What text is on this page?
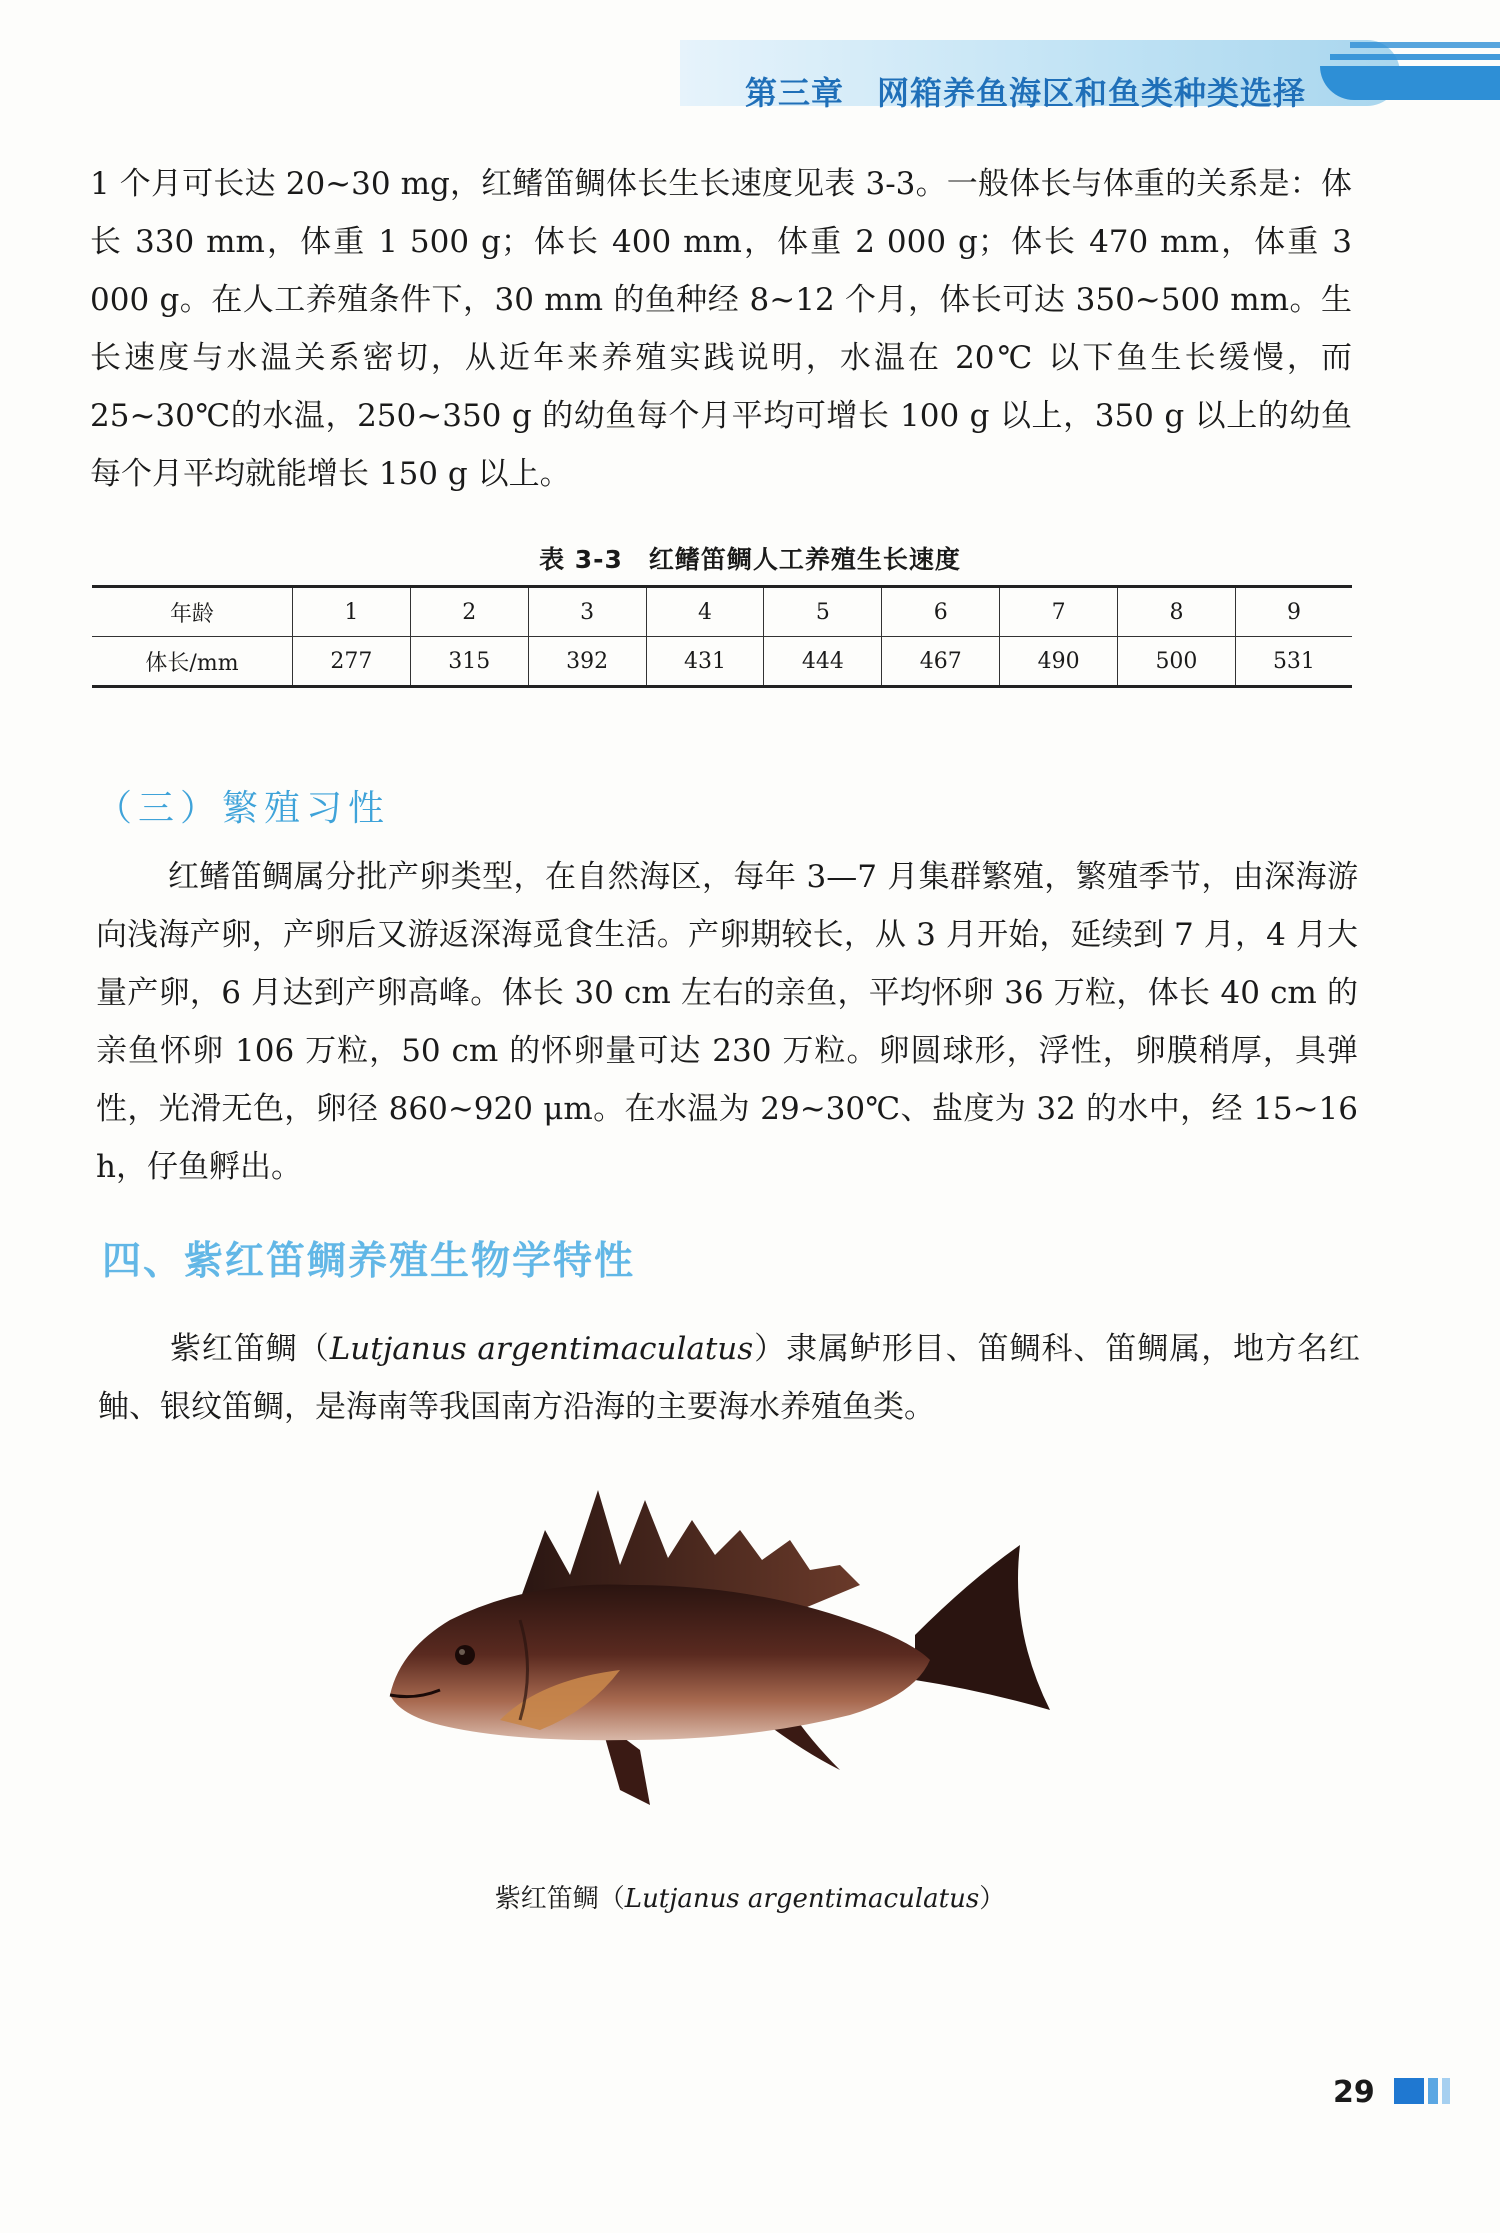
第三章　网箱养鱼海区和鱼类种类选择

1 个月可长达 20~30 mg，红鳍笛鲷体长生长速度见表 3-3。一般体长与体重的关系是：体长 330 mm，体重 1 500 g；体长 400 mm，体重 2 000 g；体长 470 mm，体重 3 000 g。在人工养殖条件下，30 mm 的鱼种经 8~12 个月，体长可达 350~500 mm。生长速度与水温关系密切，从近年来养殖实践说明，水温在 20℃ 以下鱼生长缓慢，而 25~30℃的水温，250~350 g 的幼鱼每个月平均可增长 100 g 以上，350 g 以上的幼鱼每个月平均就能增长 150 g 以上。

表 3-3　红鳍笛鲷人工养殖生长速度
年龄	1	2	3	4	5	6	7	8	9
体长/mm	277	315	392	431	444	467	490	500	531
（三）繁殖习性

红鳍笛鲷属分批产卵类型，在自然海区，每年 3—7 月集群繁殖，繁殖季节，由深海游向浅海产卵，产卵后又游返深海觅食生活。产卵期较长，从 3 月开始，延续到 7 月，4 月大量产卵，6 月达到产卵高峰。体长 30 cm 左右的亲鱼，平均怀卵 36 万粒，体长 40 cm 的亲鱼怀卵 106 万粒，50 cm 的怀卵量可达 230 万粒。卵圆球形，浮性，卵膜稍厚，具弹性，光滑无色，卵径 860~920 μm。在水温为 29~30℃、盐度为 32 的水中，经 15~16 h，仔鱼孵出。

四、紫红笛鲷养殖生物学特性

紫红笛鲷（Lutjanus argentimaculatus）隶属鲈形目、笛鲷科、笛鲷属，地方名红鲉、银纹笛鲷，是海南等我国南方沿海的主要海水养殖鱼类。

紫红笛鲷（Lutjanus argentimaculatus）
29
